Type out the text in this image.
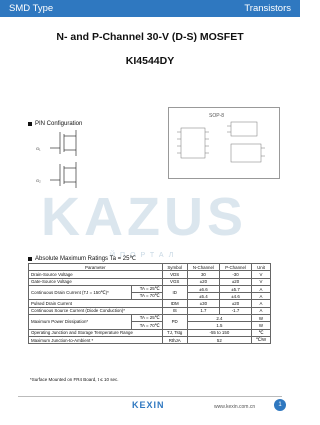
SMD Type	Transistors
N- and P-Channel 30-V (D-S) MOSFET
KI4544DY
PIN Configuration
G₁
G₂
SOP-8
KAZUS
ЙПОРТАЛ
Absolute Maximum Ratings Ta = 25℃
Parameter		Symbol	N-Channel	P-Channel	Unit
Drain-Source Voltage		VDS	30	-30	V
Gate-Source Voltage		VGS	±20	±20	V
Continuous Drain Current (TJ = 150℃)*	TA = 25℃	ID	±6.6	±5.7	A
	TA = 70℃		±5.4	±4.6	A
Pulsed Drain Current		IDM	±30	±20	A
Continuous Source Current (Diode Conduction)*		IS	1.7	-1.7	A
Maximum Power Dissipation*	TA = 25℃	PD	2.4		W
	TA = 70℃		1.5		W
Operating Junction and Storage Temperature Range		TJ, Tstg	-55 to 150		℃
Maximum Junction-to-Ambient *		RthJA	52		℃/W
*Surface Mounted on FR4 Board, t ≤ 10 sec.
KEXIN	www.kexin.com.cn	1
